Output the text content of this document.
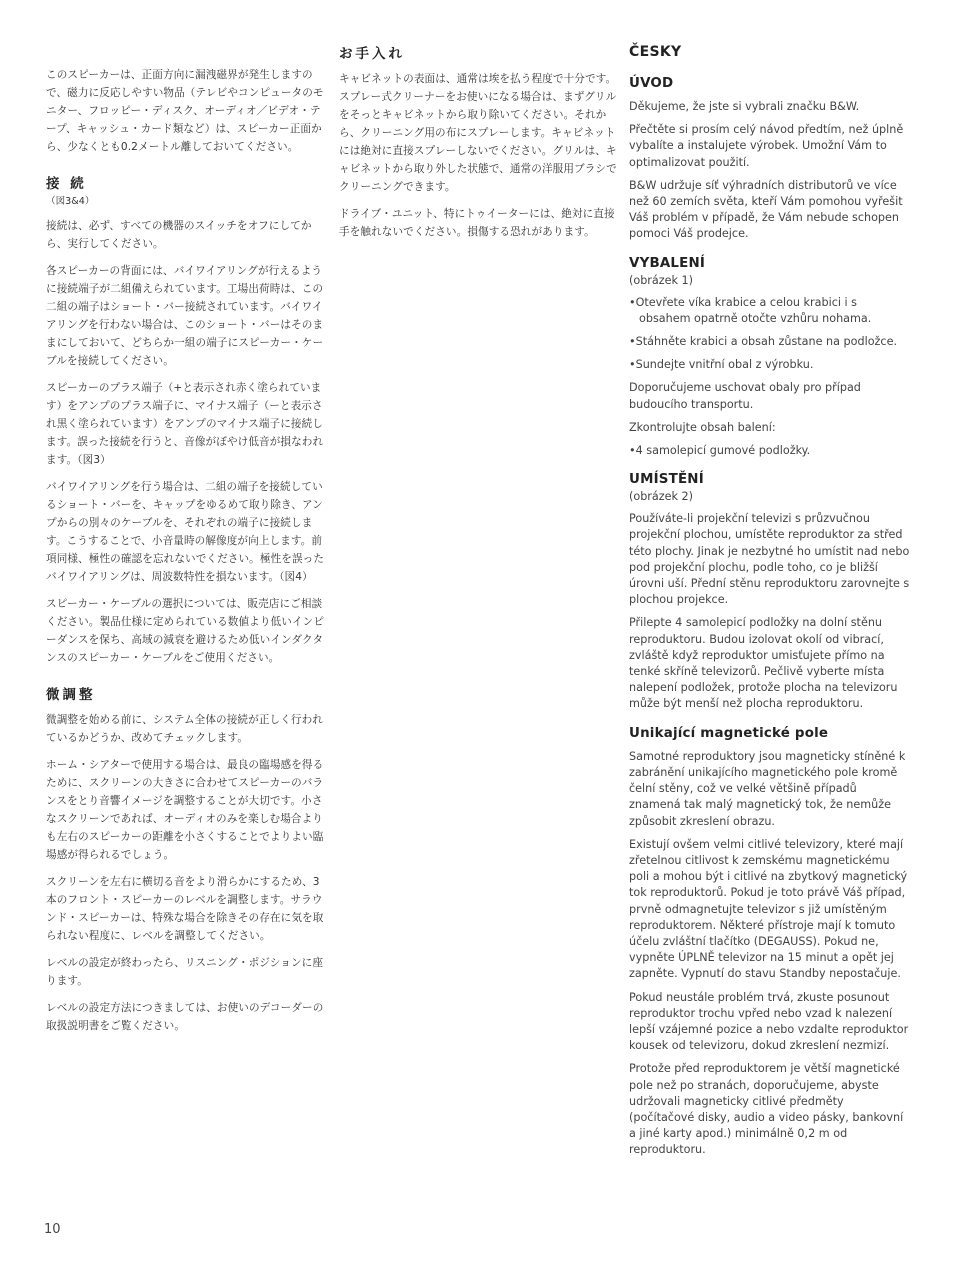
このスピーカーは、正面方向に漏洩磁界が発生しますので、磁力に反応しやすい物品（テレビやコンピュータのモニター、フロッピー・ディスク、オーディオ／ビデオ・テープ、キャッシュ・カード類など）は、スピーカー正面から、少なくとも0.2メートル離しておいてください。

接 続
（図3&4）

接続は、必ず、すべての機器のスイッチをオフにしてから、実行してください。

各スピーカーの背面には、バイワイアリングが行えるように接続端子が二組備えられています。工場出荷時は、この二組の端子はショート・バー接続されています。バイワイアリングを行わない場合は、このショート・バーはそのままにしておいて、どちらか一組の端子にスピーカー・ケーブルを接続してください。

スピーカーのプラス端子（+と表示され赤く塗られています）をアンプのプラス端子に、マイナス端子（ーと表示され黒く塗られています）をアンプのマイナス端子に接続します。誤った接続を行うと、音像がぼやけ低音が損なわれます。（図3）

バイワイアリングを行う場合は、二組の端子を接続しているショート・バーを、キャップをゆるめて取り除き、アンプからの別々のケーブルを、それぞれの端子に接続します。こうすることで、小音量時の解像度が向上します。前項同様、極性の確認を忘れないでください。極性を誤ったバイワイアリングは、周波数特性を損ないます。（図4）

スピーカー・ケーブルの選択については、販売店にご相談ください。製品仕様に定められている数値より低いインピーダンスを保ち、高域の減衰を避けるため低いインダクタンスのスピーカー・ケーブルをご使用ください。

微調整

微調整を始める前に、システム全体の接続が正しく行われているかどうか、改めてチェックします。

ホーム・シアターで使用する場合は、最良の臨場感を得るために、スクリーンの大きさに合わせてスピーカーのバランスをとり音響イメージを調整することが大切です。小さなスクリーンであれば、オーディオのみを楽しむ場合よりも左右のスピーカーの距離を小さくすることでよりよい臨場感が得られるでしょう。

スクリーンを左右に横切る音をより滑らかにするため、3本のフロント・スピーカーのレベルを調整します。サラウンド・スピーカーは、特殊な場合を除きその存在に気を取られない程度に、レベルを調整してください。

レベルの設定が終わったら、リスニング・ポジションに座ります。

レベルの設定方法につきましては、お使いのデコーダーの取扱説明書をご覧ください。

お手入れ

キャビネットの表面は、通常は埃を払う程度で十分です。スプレー式クリーナーをお使いになる場合は、まずグリルをそっとキャビネットから取り除いてください。それから、クリーニング用の布にスプレーします。キャビネットには絶対に直接スプレーしないでください。グリルは、キャビネットから取り外した状態で、通常の洋服用ブラシでクリーニングできます。

ドライブ・ユニット、特にトゥイーターには、絶対に直接手を触れないでください。損傷する恐れがあります。

ČESKY
ÚVOD

Děkujeme, že jste si vybrali značku B&W.

Přečtěte si prosím celý návod předtím, než úplně vybalíte a instalujete výrobek. Umožní Vám to optimalizovat použití.

B&W udržuje síť výhradních distributorů ve více než 60 zemích světa, kteří Vám pomohou vyřešit Váš problém v případě, že Vám nebude schopen pomoci Váš prodejce.

VYBALENÍ
(obrázek 1)

•Otevřete víka krabice a celou krabici i s obsahem opatrně otočte vzhůru nohama.

•Stáhněte krabici a obsah zůstane na podložce.

•Sundejte vnitřní obal z výrobku.

Doporučujeme uschovat obaly pro případ budoucího transportu.

Zkontrolujte obsah balení:

•4 samolepicí gumové podložky.

UMÍSTĚNÍ
(obrázek 2)

Používáte-li projekční televizi s průzvučnou projekční plochou, umístěte reproduktor za střed této plochy. Jinak je nezbytné ho umístit nad nebo pod projekční plochu, podle toho, co je bližší úrovni uší. Přední stěnu reproduktoru zarovnejte s plochou projekce.

Přilepte 4 samolepicí podložky na dolní stěnu reproduktoru. Budou izolovat okolí od vibrací, zvláště když reproduktor umisťujete přímo na tenké skříně televizorů. Pečlivě vyberte místa nalepení podložek, protože plocha na televizoru může být menší než plocha reproduktoru.

Unikající magnetické pole

Samotné reproduktory jsou magneticky stíněné k zabránění unikajícího magnetického pole kromě čelní stěny, což ve velké většině případů znamená tak malý magnetický tok, že nemůže způsobit zkreslení obrazu.

Existují ovšem velmi citlivé televizory, které mají zřetelnou citlivost k zemskému magnetickému poli a mohou být i citlivé na zbytkový magnetický tok reproduktorů. Pokud je toto právě Váš případ, prvně odmagnetujte televizor s již umístěným reproduktorem. Některé přístroje mají k tomuto účelu zvláštní tlačítko (DEGAUSS). Pokud ne, vypněte ÚPLNĚ televizor na 15 minut a opět jej zapněte. Vypnutí do stavu Standby nepostačuje.

Pokud neustále problém trvá, zkuste posunout reproduktor trochu vpřed nebo vzad k nalezení lepší vzájemné pozice a nebo vzdalte reproduktor kousek od televizoru, dokud zkreslení nezmizí.

Protože před reproduktorem je větší magnetické pole než po stranách, doporučujeme, abyste udržovali magneticky citlivé předměty (počítačové disky, audio a video pásky, bankovní a jiné karty apod.) minimálně 0,2 m od reproduktoru.

10
